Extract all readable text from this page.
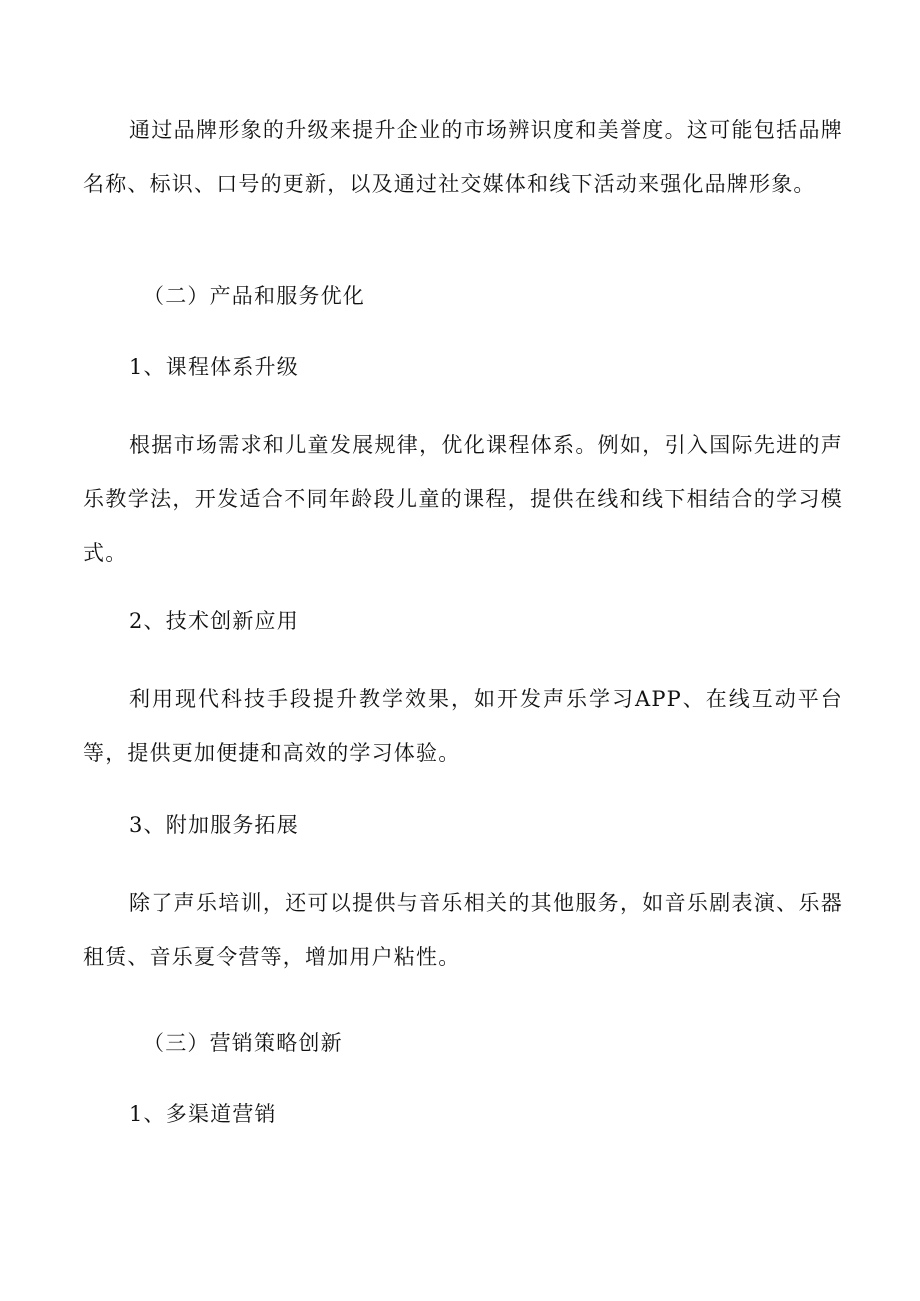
通过品牌形象的升级来提升企业的市场辨识度和美誉度。这可能包括品牌名称、标识、口号的更新，以及通过社交媒体和线下活动来强化品牌形象。

（二）产品和服务优化

1、课程体系升级

根据市场需求和儿童发展规律，优化课程体系。例如，引入国际先进的声乐教学法，开发适合不同年龄段儿童的课程，提供在线和线下相结合的学习模式。

2、技术创新应用

利用现代科技手段提升教学效果，如开发声乐学习APP、在线互动平台等，提供更加便捷和高效的学习体验。

3、附加服务拓展

除了声乐培训，还可以提供与音乐相关的其他服务，如音乐剧表演、乐器租赁、音乐夏令营等，增加用户粘性。

（三）营销策略创新

1、多渠道营销
